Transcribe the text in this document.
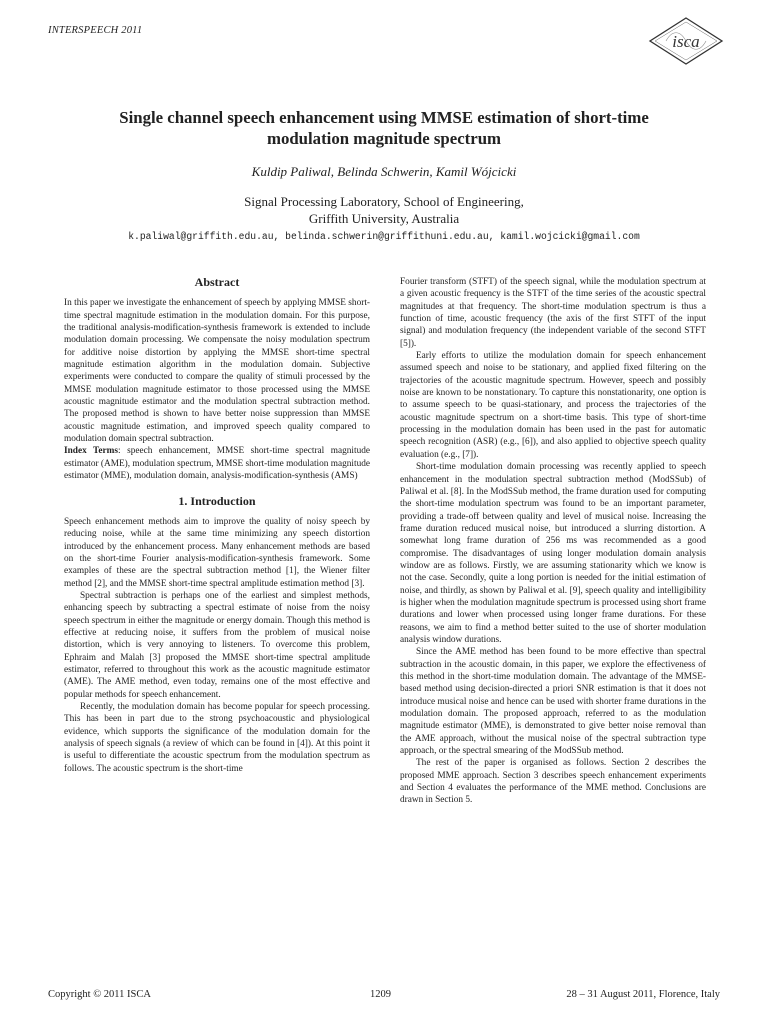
INTERSPEECH 2011
isca
Single channel speech enhancement using MMSE estimation of short-time
modulation magnitude spectrum
Kuldip Paliwal, Belinda Schwerin, Kamil Wójcicki
Signal Processing Laboratory, School of Engineering,
Griffith University, Australia
k.paliwal@griffith.edu.au, belinda.schwerin@griffithuni.edu.au, kamil.wojcicki@gmail.com
Abstract

In this paper we investigate the enhancement of speech by applying MMSE short-time spectral magnitude estimation in the modulation domain. For this purpose, the traditional analysis-modification-synthesis framework is extended to include modulation domain processing. We compensate the noisy modulation spectrum for additive noise distortion by applying the MMSE short-time spectral magnitude estimation algorithm in the modulation domain. Subjective experiments were conducted to compare the quality of stimuli processed by the MMSE modulation magnitude estimator to those processed using the MMSE acoustic magnitude estimator and the modulation spectral subtraction method. The proposed method is shown to have better noise suppression than MMSE acoustic magnitude estimation, and improved speech quality compared to modulation domain spectral subtraction.

Index Terms: speech enhancement, MMSE short-time spectral magnitude estimator (AME), modulation spectrum, MMSE short-time modulation magnitude estimator (MME), modulation domain, analysis-modification-synthesis (AMS)

1. Introduction

Speech enhancement methods aim to improve the quality of noisy speech by reducing noise, while at the same time minimizing any speech distortion introduced by the enhancement process. Many enhancement methods are based on the short-time Fourier analysis-modification-synthesis framework. Some examples of these are the spectral subtraction method [1], the Wiener filter method [2], and the MMSE short-time spectral amplitude estimation method [3].

Spectral subtraction is perhaps one of the earliest and simplest methods, enhancing speech by subtracting a spectral estimate of noise from the noisy speech spectrum in either the magnitude or energy domain. Though this method is effective at reducing noise, it suffers from the problem of musical noise distortion, which is very annoying to listeners. To overcome this problem, Ephraim and Malah [3] proposed the MMSE short-time spectral amplitude estimator, referred to throughout this work as the acoustic magnitude estimator (AME). The AME method, even today, remains one of the most effective and popular methods for speech enhancement.

Recently, the modulation domain has become popular for speech processing. This has been in part due to the strong psychoacoustic and physiological evidence, which supports the significance of the modulation domain for the analysis of speech signals (a review of which can be found in [4]). At this point it is useful to differentiate the acoustic spectrum from the modulation spectrum as follows. The acoustic spectrum is the short-time

Fourier transform (STFT) of the speech signal, while the modulation spectrum at a given acoustic frequency is the STFT of the time series of the acoustic spectral magnitudes at that frequency. The short-time modulation spectrum is thus a function of time, acoustic frequency (the axis of the first STFT of the input signal) and modulation frequency (the independent variable of the second STFT [5]).

Early efforts to utilize the modulation domain for speech enhancement assumed speech and noise to be stationary, and applied fixed filtering on the trajectories of the acoustic magnitude spectrum. However, speech and possibly noise are known to be nonstationary. To capture this nonstationarity, one option is to assume speech to be quasi-stationary, and process the trajectories of the acoustic magnitude spectrum on a short-time basis. This type of short-time processing in the modulation domain has been used in the past for automatic speech recognition (ASR) (e.g., [6]), and also applied to objective speech quality evaluation (e.g., [7]).

Short-time modulation domain processing was recently applied to speech enhancement in the modulation spectral subtraction method (ModSSub) of Paliwal et al. [8]. In the ModSSub method, the frame duration used for computing the short-time modulation spectrum was found to be an important parameter, providing a trade-off between quality and level of musical noise. Increasing the frame duration reduced musical noise, but introduced a slurring distortion. A somewhat long frame duration of 256 ms was recommended as a good compromise. The disadvantages of using longer modulation domain analysis window are as follows. Firstly, we are assuming stationarity which we know is not the case. Secondly, quite a long portion is needed for the initial estimation of noise, and thirdly, as shown by Paliwal et al. [9], speech quality and intelligibility is higher when the modulation magnitude spectrum is processed using short frame durations and lower when processed using longer frame durations. For these reasons, we aim to find a method better suited to the use of shorter modulation analysis window durations.

Since the AME method has been found to be more effective than spectral subtraction in the acoustic domain, in this paper, we explore the effectiveness of this method in the short-time modulation domain. The advantage of the MMSE-based method using decision-directed a priori SNR estimation is that it does not introduce musical noise and hence can be used with shorter frame durations in the modulation domain. The proposed approach, referred to as the modulation magnitude estimator (MME), is demonstrated to give better noise removal than the AME approach, without the musical noise of the spectral subtraction type approach, or the spectral smearing of the ModSSub method.

The rest of the paper is organised as follows. Section 2 describes the proposed MME approach. Section 3 describes speech enhancement experiments and Section 4 evaluates the performance of the MME method. Conclusions are drawn in Section 5.

Copyright © 2011 ISCA	1209	28 – 31 August 2011, Florence, Italy
